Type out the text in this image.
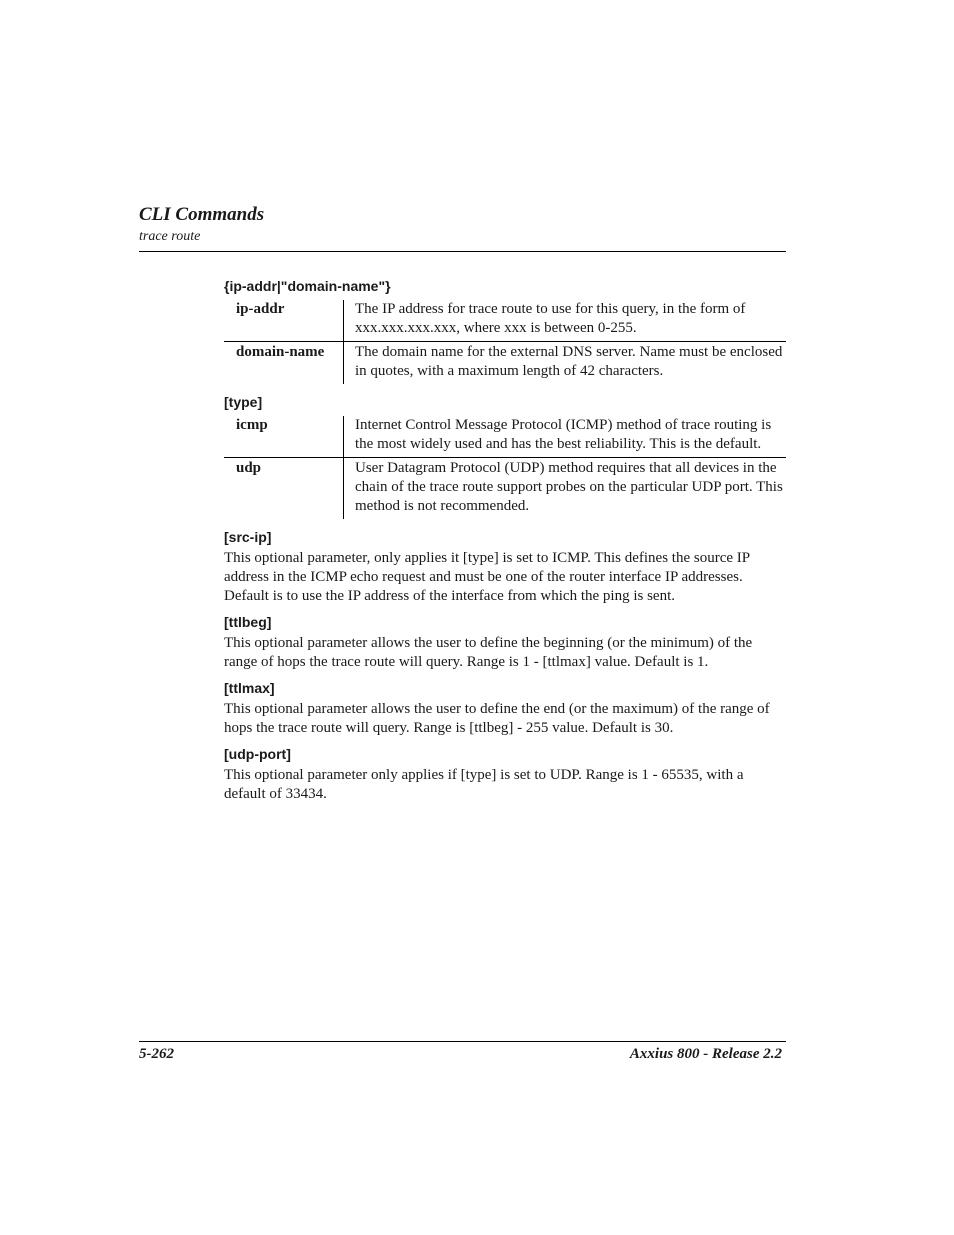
CLI Commands
trace route
{ip-addr|"domain-name"}
ip-addr	The IP address for trace route to use for this query, in the form of xxx.xxx.xxx.xxx, where xxx is between 0-255.
domain-name	The domain name for the external DNS server. Name must be enclosed in quotes, with a maximum length of 42 characters.
[type]
icmp	Internet Control Message Protocol (ICMP) method of trace routing is the most widely used and has the best reliability. This is the default.
udp	User Datagram Protocol (UDP) method requires that all devices in the chain of the trace route support probes on the particular UDP port. This method is not recommended.
[src-ip]

This optional parameter, only applies it [type] is set to ICMP. This defines the source IP address in the ICMP echo request and must be one of the router interface IP addresses. Default is to use the IP address of the interface from which the ping is sent.

[ttlbeg]

This optional parameter allows the user to define the beginning (or the minimum) of the range of hops the trace route will query. Range is 1 - [ttlmax] value. Default is 1.

[ttlmax]

This optional parameter allows the user to define the end (or the maximum) of the range of hops the trace route will query. Range is [ttlbeg] - 255 value. Default is 30.

[udp-port]

This optional parameter only applies if [type] is set to UDP. Range is 1 - 65535, with a default of 33434.

5-262	Axxius 800 - Release 2.2
